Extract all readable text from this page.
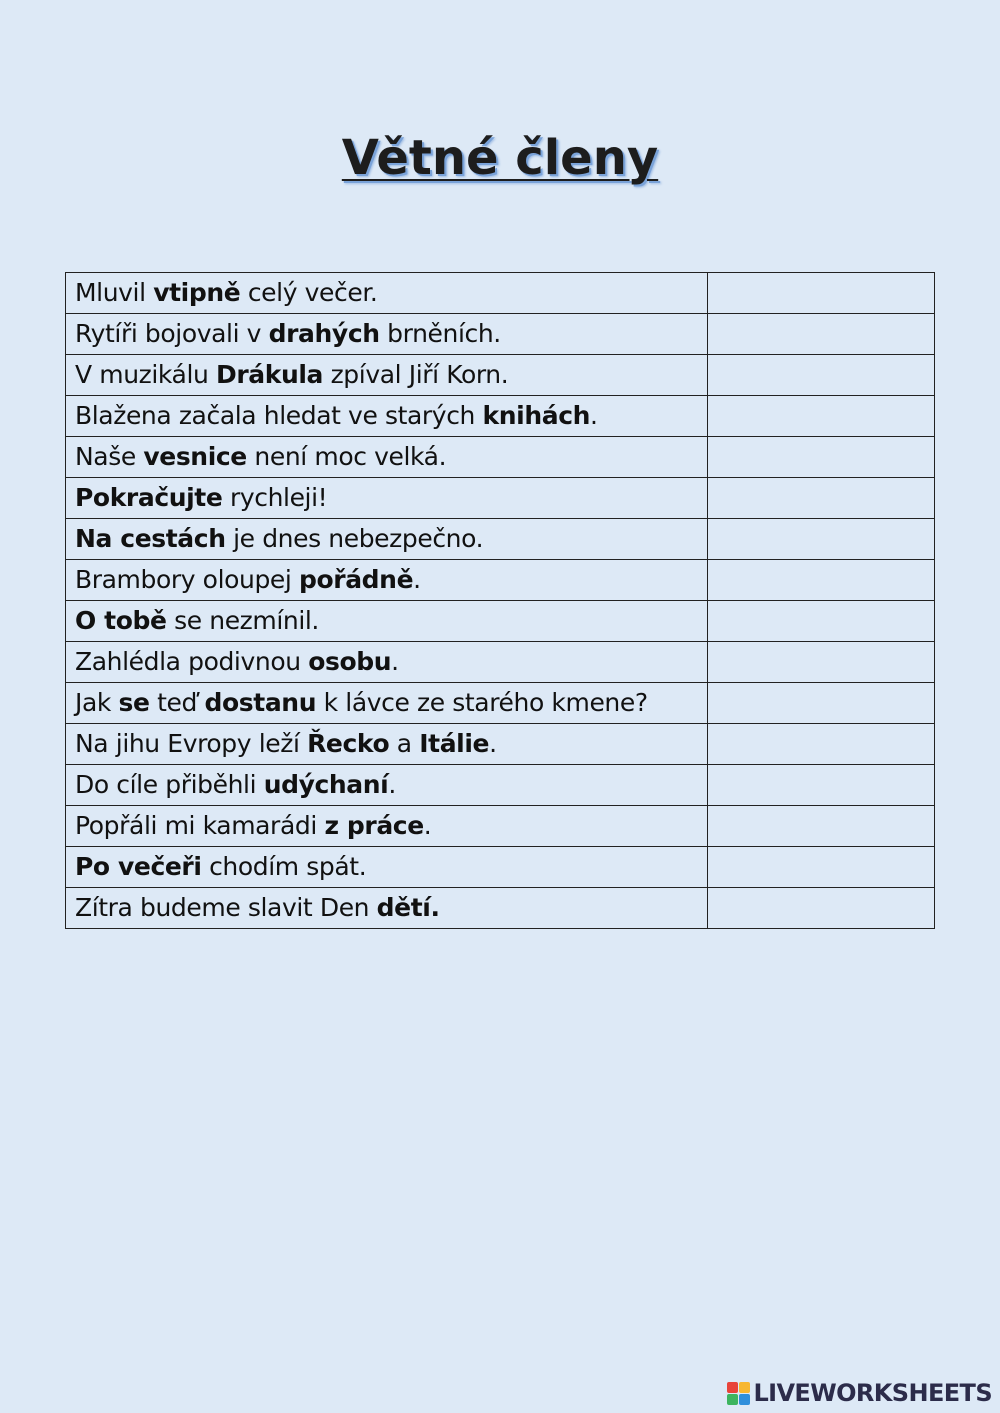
Větné členy
Mluvil vtipně celý večer.	
Rytíři bojovali v drahých brněních.	
V muzikálu Drákula zpíval Jiří Korn.	
Blažena začala hledat ve starých knihách.	
Naše vesnice není moc velká.	
Pokračujte rychleji!	
Na cestách je dnes nebezpečno.	
Brambory oloupej pořádně.	
O tobě se nezmínil.	
Zahlédla podivnou osobu.	
Jak se teď dostanu k lávce ze starého kmene?	
Na jihu Evropy leží Řecko a Itálie.	
Do cíle přiběhli udýchaní.	
Popřáli mi kamarádi z práce.	
Po večeři chodím spát.	
Zítra budeme slavit Den dětí.	
LIVEWORKSHEETS
